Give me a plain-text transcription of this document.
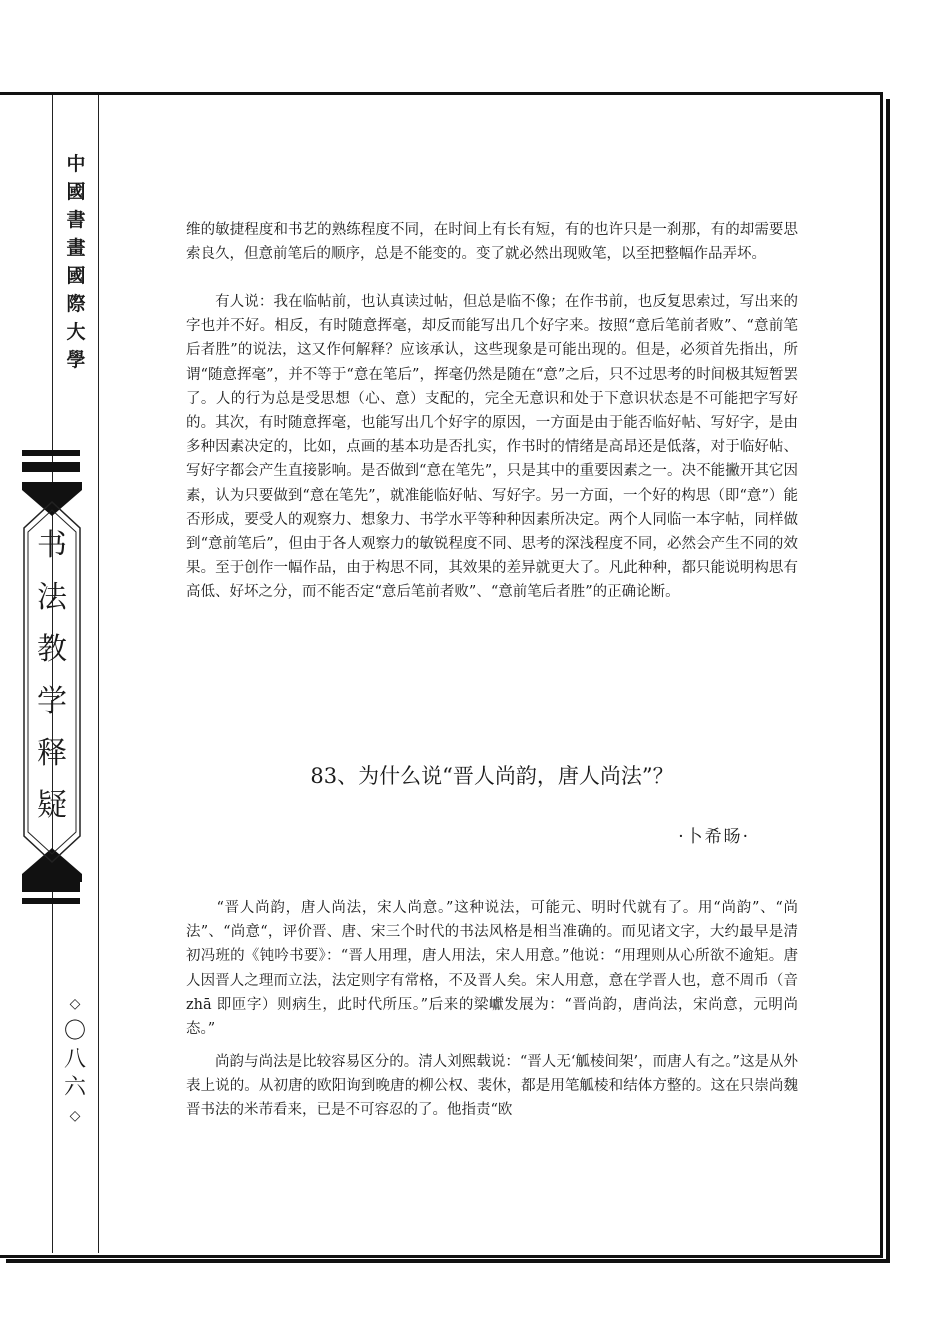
中
國
書
畫
國
際
大
學
书
法
教
学
释
疑
◇
〇
八
六
◇

维的敏捷程度和书艺的熟练程度不同，在时间上有长有短，有的也许只是一刹那，有的却需要思索良久，但意前笔后的顺序，总是不能变的。变了就必然出现败笔，以至把整幅作品弄坏。

　　有人说：我在临帖前，也认真读过帖，但总是临不像；在作书前，也反复思索过，写出来的字也并不好。相反，有时随意挥毫，却反而能写出几个好字来。按照“意后笔前者败”、“意前笔后者胜”的说法，这又作何解释？应该承认，这些现象是可能出现的。但是，必须首先指出，所谓“随意挥毫”，并不等于“意在笔后”，挥毫仍然是随在“意”之后，只不过思考的时间极其短暂罢了。人的行为总是受思想（心、意）支配的，完全无意识和处于下意识状态是不可能把字写好的。其次，有时随意挥毫，也能写出几个好字的原因，一方面是由于能否临好帖、写好字，是由多种因素决定的，比如，点画的基本功是否扎实，作书时的情绪是高昂还是低落，对于临好帖、写好字都会产生直接影响。是否做到“意在笔先”，只是其中的重要因素之一。决不能撇开其它因素，认为只要做到“意在笔先”，就准能临好帖、写好字。另一方面，一个好的构思（即“意”）能否形成，要受人的观察力、想象力、书学水平等种种因素所决定。两个人同临一本字帖，同样做到“意前笔后”，但由于各人观察力的敏锐程度不同、思考的深浅程度不同，必然会产生不同的效果。至于创作一幅作品，由于构思不同，其效果的差异就更大了。凡此种种，都只能说明构思有高低、好坏之分，而不能否定“意后笔前者败”、“意前笔后者胜”的正确论断。

83、为什么说“晋人尚韵，唐人尚法”？
·卜希旸·

　　“晋人尚韵，唐人尚法，宋人尚意。”这种说法，可能元、明时代就有了。用“尚韵”、“尚法”、“尚意“，评价晋、唐、宋三个时代的书法风格是相当准确的。而见诸文字，大约最早是清初冯班的《钝吟书要》：“晋人用理，唐人用法，宋人用意。”他说：“用理则从心所欲不逾矩。唐人因晋人之理而立法，法定则字有常格，不及晋人矣。宋人用意，意在学晋人也，意不周币（音 zhā 即匝字）则病生，此时代所压。”后来的梁巘发展为：“晋尚韵，唐尚法，宋尚意，元明尚态。”

　　尚韵与尚法是比较容易区分的。清人刘熙载说：“晋人无‘觚棱间架’，而唐人有之。”这是从外表上说的。从初唐的欧阳询到晚唐的柳公权、裴休，都是用笔觚棱和结体方整的。这在只崇尚魏晋书法的米芾看来，已是不可容忍的了。他指责“欧
